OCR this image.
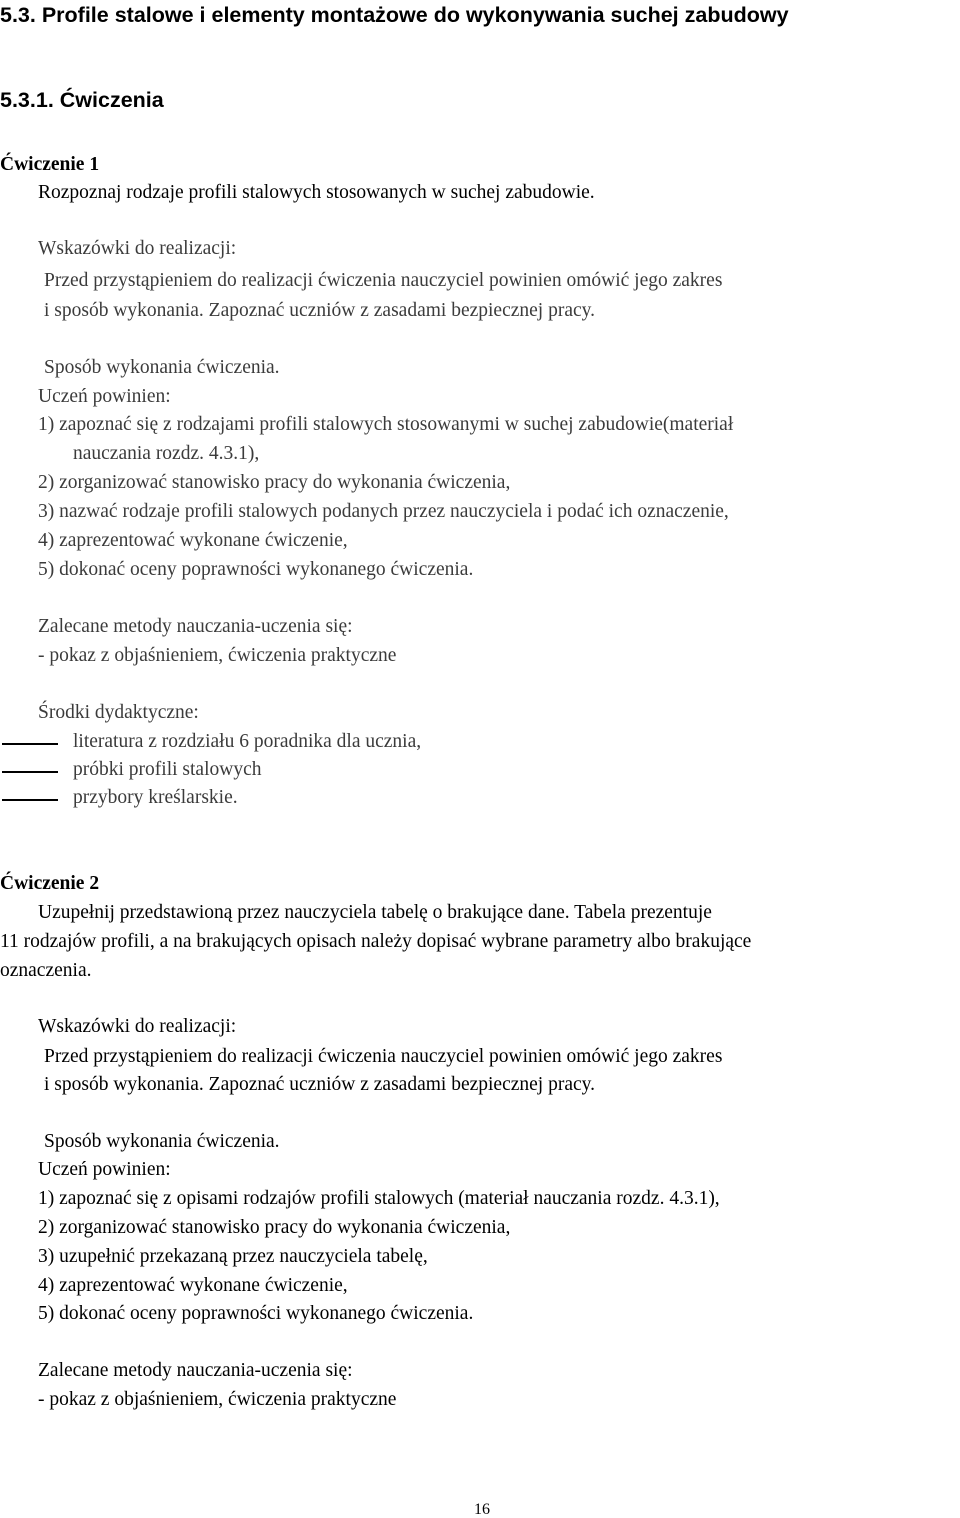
5.3. Profile stalowe i elementy montażowe do wykonywania suchej zabudowy
5.3.1. Ćwiczenia
Ćwiczenie 1
Rozpoznaj rodzaje profili stalowych stosowanych w suchej zabudowie.
Wskazówki do realizacji:
Przed przystąpieniem do realizacji ćwiczenia nauczyciel powinien omówić jego zakres
i sposób wykonania. Zapoznać uczniów z zasadami bezpiecznej pracy.
Sposób wykonania ćwiczenia.
Uczeń powinien:
1) zapoznać się z rodzajami profili stalowych stosowanymi w suchej zabudowie(materiał
nauczania rozdz. 4.3.1),
2) zorganizować stanowisko pracy do wykonania ćwiczenia,
3) nazwać rodzaje profili stalowych podanych przez nauczyciela i podać ich oznaczenie,
4) zaprezentować wykonane ćwiczenie,
5) dokonać oceny poprawności wykonanego ćwiczenia.
Zalecane metody nauczania-uczenia się:
- pokaz z objaśnieniem, ćwiczenia praktyczne
Środki dydaktyczne:
literatura z rozdziału 6 poradnika dla ucznia,
próbki profili stalowych
przybory kreślarskie.
Ćwiczenie 2
Uzupełnij przedstawioną przez nauczyciela tabelę o brakujące dane. Tabela prezentuje
11 rodzajów profili, a na brakujących opisach należy dopisać wybrane parametry albo brakujące
oznaczenia.
Wskazówki do realizacji:
Przed przystąpieniem do realizacji ćwiczenia nauczyciel powinien omówić jego zakres
i sposób wykonania. Zapoznać uczniów z zasadami bezpiecznej pracy.
Sposób wykonania ćwiczenia.
Uczeń powinien:
1) zapoznać się z opisami rodzajów profili stalowych (materiał nauczania rozdz. 4.3.1),
2) zorganizować stanowisko pracy do wykonania ćwiczenia,
3) uzupełnić przekazaną przez nauczyciela tabelę,
4) zaprezentować wykonane ćwiczenie,
5) dokonać oceny poprawności wykonanego ćwiczenia.
Zalecane metody nauczania-uczenia się:
- pokaz z objaśnieniem, ćwiczenia praktyczne
16
